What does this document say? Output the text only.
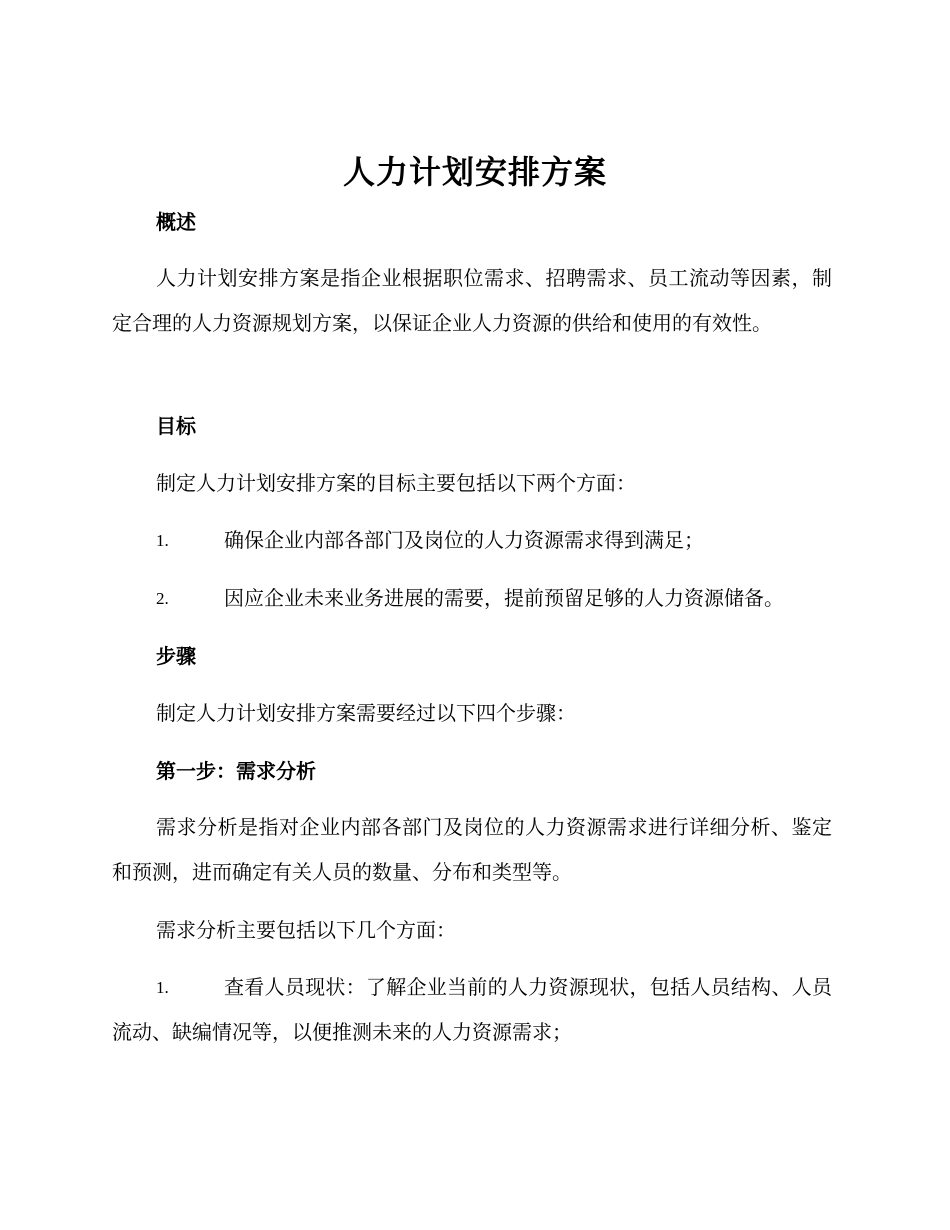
人力计划安排方案
概述
人力计划安排方案是指企业根据职位需求、招聘需求、员工流动等因素，制定合理的人力资源规划方案，以保证企业人力资源的供给和使用的有效性。
目标
制定人力计划安排方案的目标主要包括以下两个方面：
1.	确保企业内部各部门及岗位的人力资源需求得到满足；
2.	因应企业未来业务进展的需要，提前预留足够的人力资源储备。
步骤
制定人力计划安排方案需要经过以下四个步骤：
第一步：需求分析
需求分析是指对企业内部各部门及岗位的人力资源需求进行详细分析、鉴定和预测，进而确定有关人员的数量、分布和类型等。
需求分析主要包括以下几个方面：
1.	查看人员现状：了解企业当前的人力资源现状，包括人员结构、人员流动、缺编情况等，以便推测未来的人力资源需求；
